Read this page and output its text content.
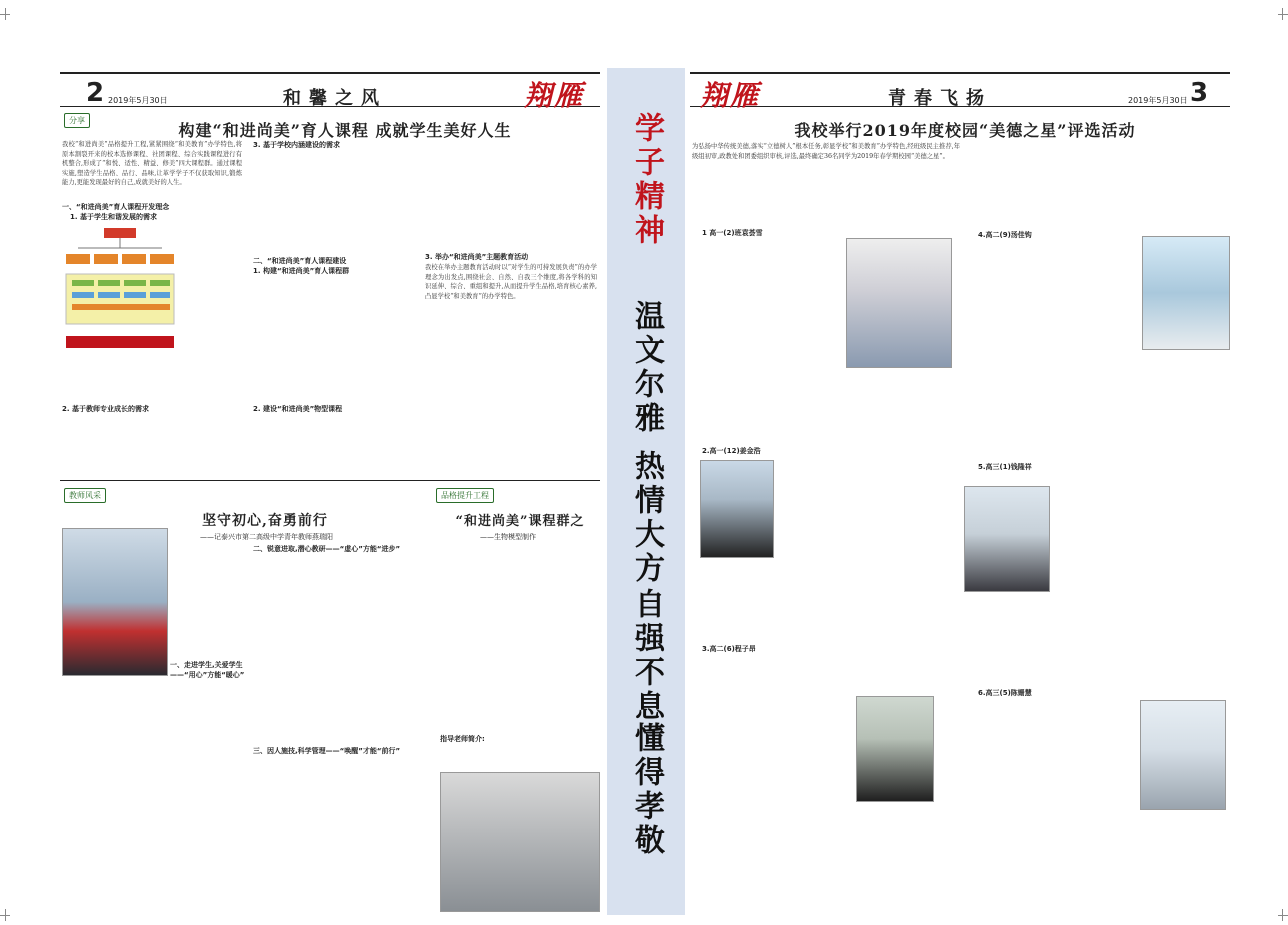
2 2019年5月30日	和馨之风	翔雁
分享
构建“和进尚美”育人课程 成就学生美好人生
我校“和进尚美”品格提升工程,紧紧围绕“和美教育”办学特色,将原本割裂开来的校本选修课程、社团课程、综合实践课程进行有机整合,形成了“和悦、适性、精益、修美”四大课程群。通过课程实施,塑造学生品格、品行、品味,让革学学子不仅获取知识,锻炼能力,更能发现最好的自己,成就美好的人生。
一、“和进尚美”育人课程开发理念
1. 基于学生和谐发展的需求
2. 基于教师专业成长的需求
3. 基于学校内涵建设的需求
二、“和进尚美”育人课程建设
1. 构建“和进尚美”育人课程群
2. 建设“和进尚美”物型课程
3. 举办“和进尚美”主题教育活动
我校在举办主题教育活动时以“对学生的可持发展负责”的办学理念为出发点,围绕社会、自然、自我三个维度,将各学科的知识延伸、综合、重组和提升,从而提升学生品格,培育核心素养,凸显学校“和美教育”的办学特色。
教师风采
坚守初心,奋勇前行
——记泰兴市第二高级中学青年教师燕瑞阳
一、走进学生,关爱学生——“用心”方能“暖心”
二、锐意进取,潜心教研——“虚心”方能“进步”
三、因人施技,科学管理——“唤醒”才能“前行”
品格提升工程
“和进尚美”课程群之
——生物模型制作
指导老师简介:
学子精神
温文尔雅
热情大方
自强不息
懂得孝敬
翔雁	青春飞扬	2019年5月30日 3
我校举行2019年度校园“美德之星”评选活动
为弘扬中华传统美德,落实“立德树人”根本任务,彰显学校“和美教育”办学特色,经班级民主推荐,年级组初审,政教处和团委组织审核,评选,最终确定36名同学为2019年春学期校园“美德之星”。
1 高一(2)班袁荟雪
2.高一(12)姜金浩
3.高二(6)程子昂
4.高二(9)汤佳钩
5.高三(1)钱隆祥
6.高三(5)陈姗慧
